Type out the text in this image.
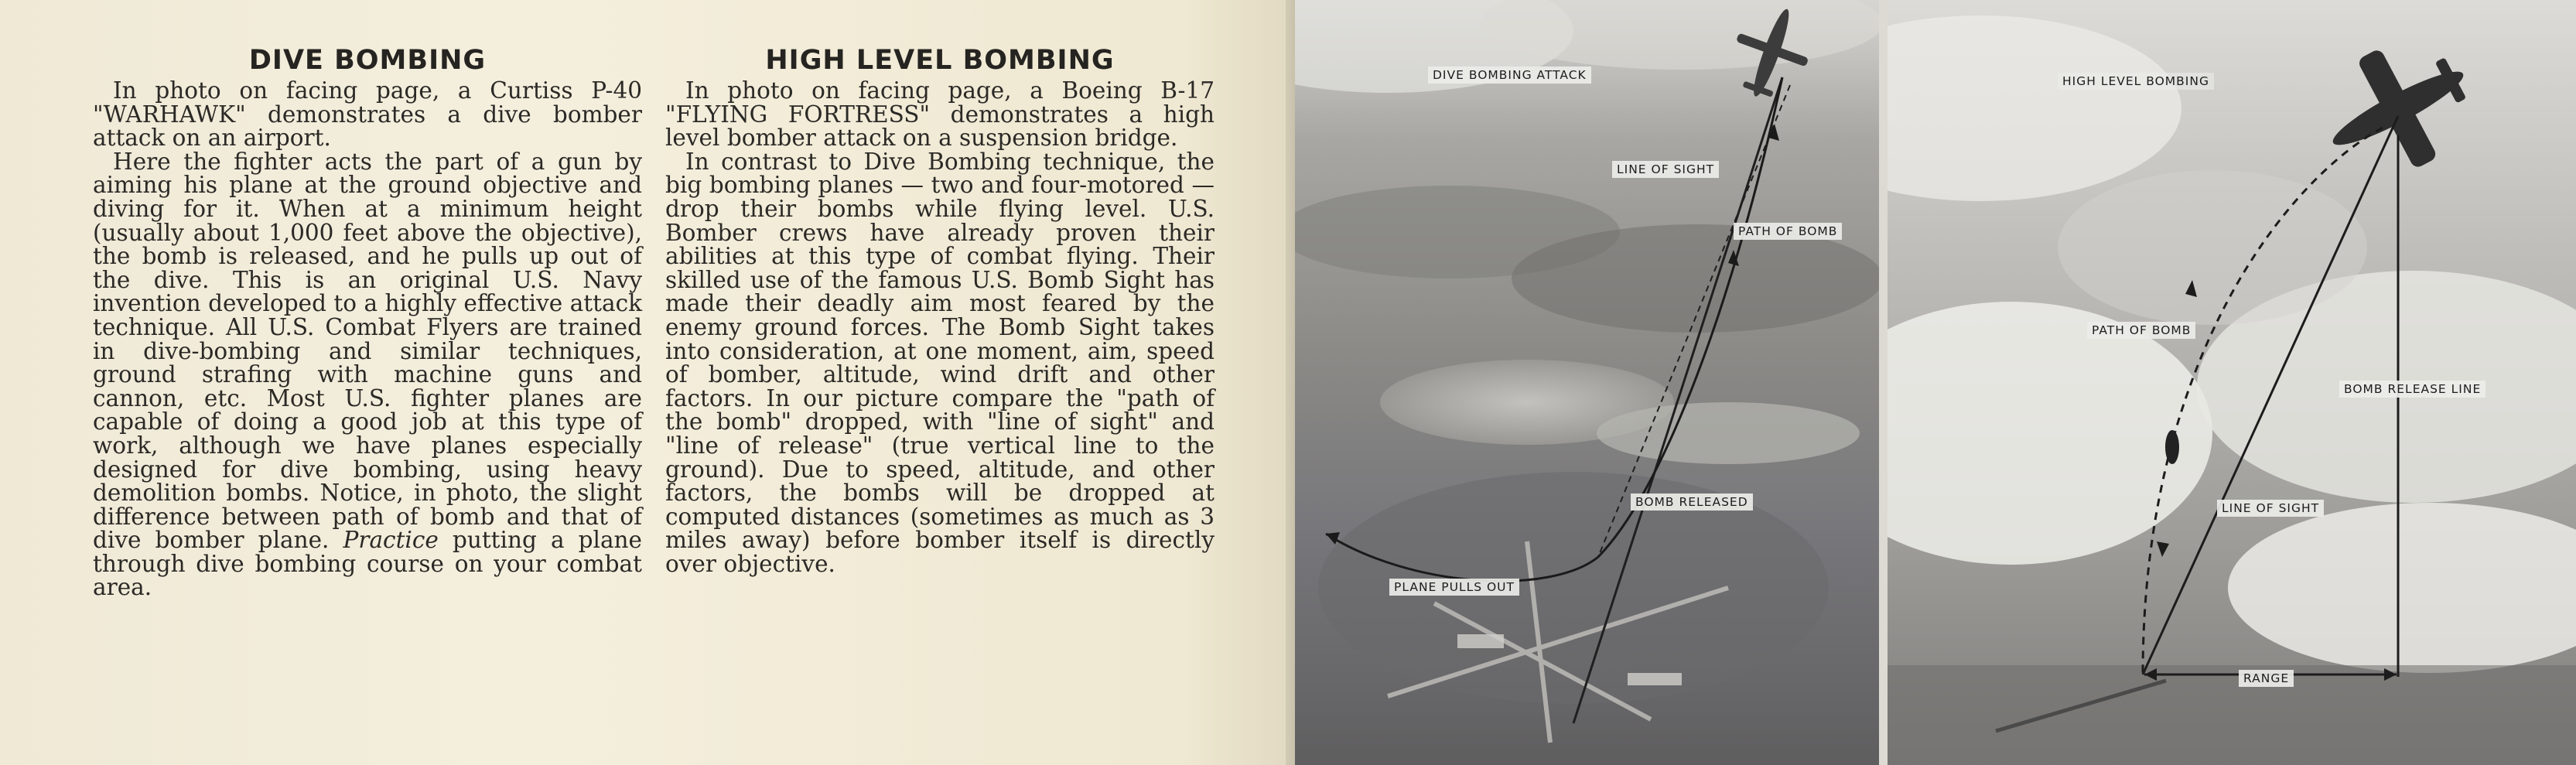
DIVE BOMBING

In photo on facing page, a Curtiss P-40 "WARHAWK" demonstrates a dive bomber attack on an airport.

Here the fighter acts the part of a gun by aiming his plane at the ground objective and diving for it. When at a minimum height (usually about 1,000 feet above the objective), the bomb is released, and he pulls up out of the dive. This is an original U.S. Navy invention developed to a highly effective attack technique. All U.S. Combat Flyers are trained in dive-bombing and similar techniques, ground strafing with machine guns and cannon, etc. Most U.S. fighter planes are capable of doing a good job at this type of work, although we have planes especially designed for dive bombing, using heavy demolition bombs. Notice, in photo, the slight difference between path of bomb and that of dive bomber plane. Practice putting a plane through dive bombing course on your combat area.

HIGH LEVEL BOMBING

In photo on facing page, a Boeing B-17 "FLYING FORTRESS" demonstrates a high level bomber attack on a suspension bridge.

In contrast to Dive Bombing technique, the big bombing planes — two and four-motored — drop their bombs while flying level. U.S. Bomber crews have already proven their abilities at this type of combat flying. Their skilled use of the famous U.S. Bomb Sight has made their deadly aim most feared by the enemy ground forces. The Bomb Sight takes into consideration, at one moment, aim, speed of bomber, altitude, wind drift and other factors. In our picture compare the "path of the bomb" dropped, with "line of sight" and "line of release" (true vertical line to the ground). Due to speed, altitude, and other factors, the bombs will be dropped at computed distances (sometimes as much as 3 miles away) before bomber itself is directly over objective.

DIVE BOMBING ATTACK
LINE OF SIGHT
PATH OF BOMB
BOMB RELEASED
PLANE PULLS OUT
HIGH LEVEL BOMBING
PATH OF BOMB
BOMB RELEASE LINE
LINE OF SIGHT
RANGE
